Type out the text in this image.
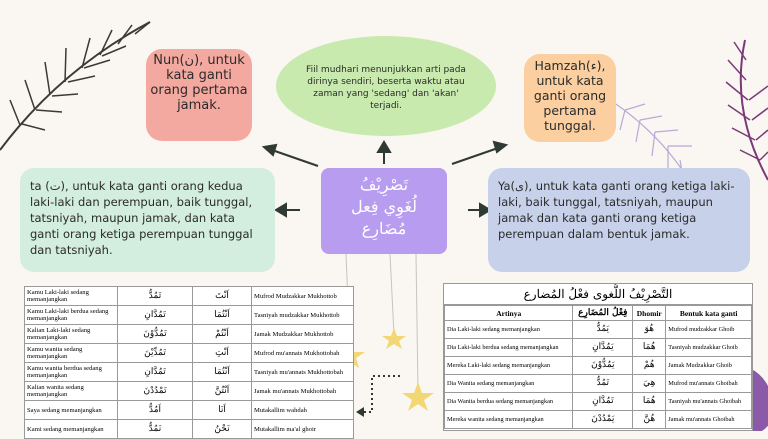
Nun(ن), untuk kata ganti orang pertama jamak.
Fiil mudhari menunjukkan arti pada dirinya sendiri, beserta waktu atau zaman yang 'sedang' dan 'akan' terjadi.
Hamzah(ء), untuk kata ganti orang pertama tunggal.
ta (ت), untuk kata ganti orang kedua laki-laki dan perempuan, baik tunggal, tatsniyah, maupun jamak, dan kata ganti orang ketiga perempuan tunggal dan tatsniyah.
Ya(ى), untuk kata ganti orang ketiga laki-laki, baik tunggal, tatsniyah, maupun jamak dan kata ganti orang ketiga perempuan dalam bentuk jamak.
تَصْرِيْفُ
لُغَوِي فِعل
مُضَارِع
Kamu Laki-laki sedang memanjangkan	تَمُدُّ	اَنْتَ	Mufrod Mudzakkar Mukhottob
Kamu Laki-laki berdua sedang memanjangkan	تَمُدَّانِ	اَنْتُمَا	Tasniyah mudzakkar Mukhottob
Kalian Laki-laki sedang memanjangkan	تَمُدُّوْنَ	اَنْتُمْ	Jamak Mudzakkar Mukhottob
Kamu wanita sedang memanjangkan	تَمُدِّيْنَ	اَنْتِ	Mufrod mu'annats Mukhottobah
Kamu wanita berdua sedang memanjangkan	تَمُدَّانِ	اَنْتُمَا	Tasniyah mu'annats Mukhottobah
Kalian wanita sedang memanjangkan	تَمْدُدْنَ	اَنْتُنَّ	Jamak mu'annats Mukhottobah
Saya sedang memanjangkan	اَمُدُّ	اَنَا	Mutakallim wahdah
Kami sedang memanjangkan	نَمُدُّ	نَحْنُ	Mutakallim ma'al ghoir
التَّصْرِيْفُ اللُّغوى فعْلُ المُضارع
Artinya	فِعْلُ المُضَارِع	Dhomir	Bentuk kata ganti
Dia Laki-laki sedang memanjangkan	يَمُدُّ	هُوَ	Mufrod mudzakkar Ghoib
Dia Laki-laki berdua sedang memanjangkan	يَمُدَّانِ	هُمَا	Tasniyah mudzakkar Ghoib
Mereka Laki-laki sedang memanjangkan	يَمُدُّوْنَ	هُمْ	Jamak Mudzakkar Ghoib
Dia Wanita sedang memanjangkan	تَمُدُّ	هِيَ	Mufrod mu'annats Ghoibah
Dia Wanita berdua sedang memanjangkan	تَمُدَّانِ	هُمَا	Tasniyah mu'annats Ghoibah
Mereka wanita sedang memanjangkan	يَمْدُدْنَ	هُنَّ	Jamak mu'annats Ghoibah
